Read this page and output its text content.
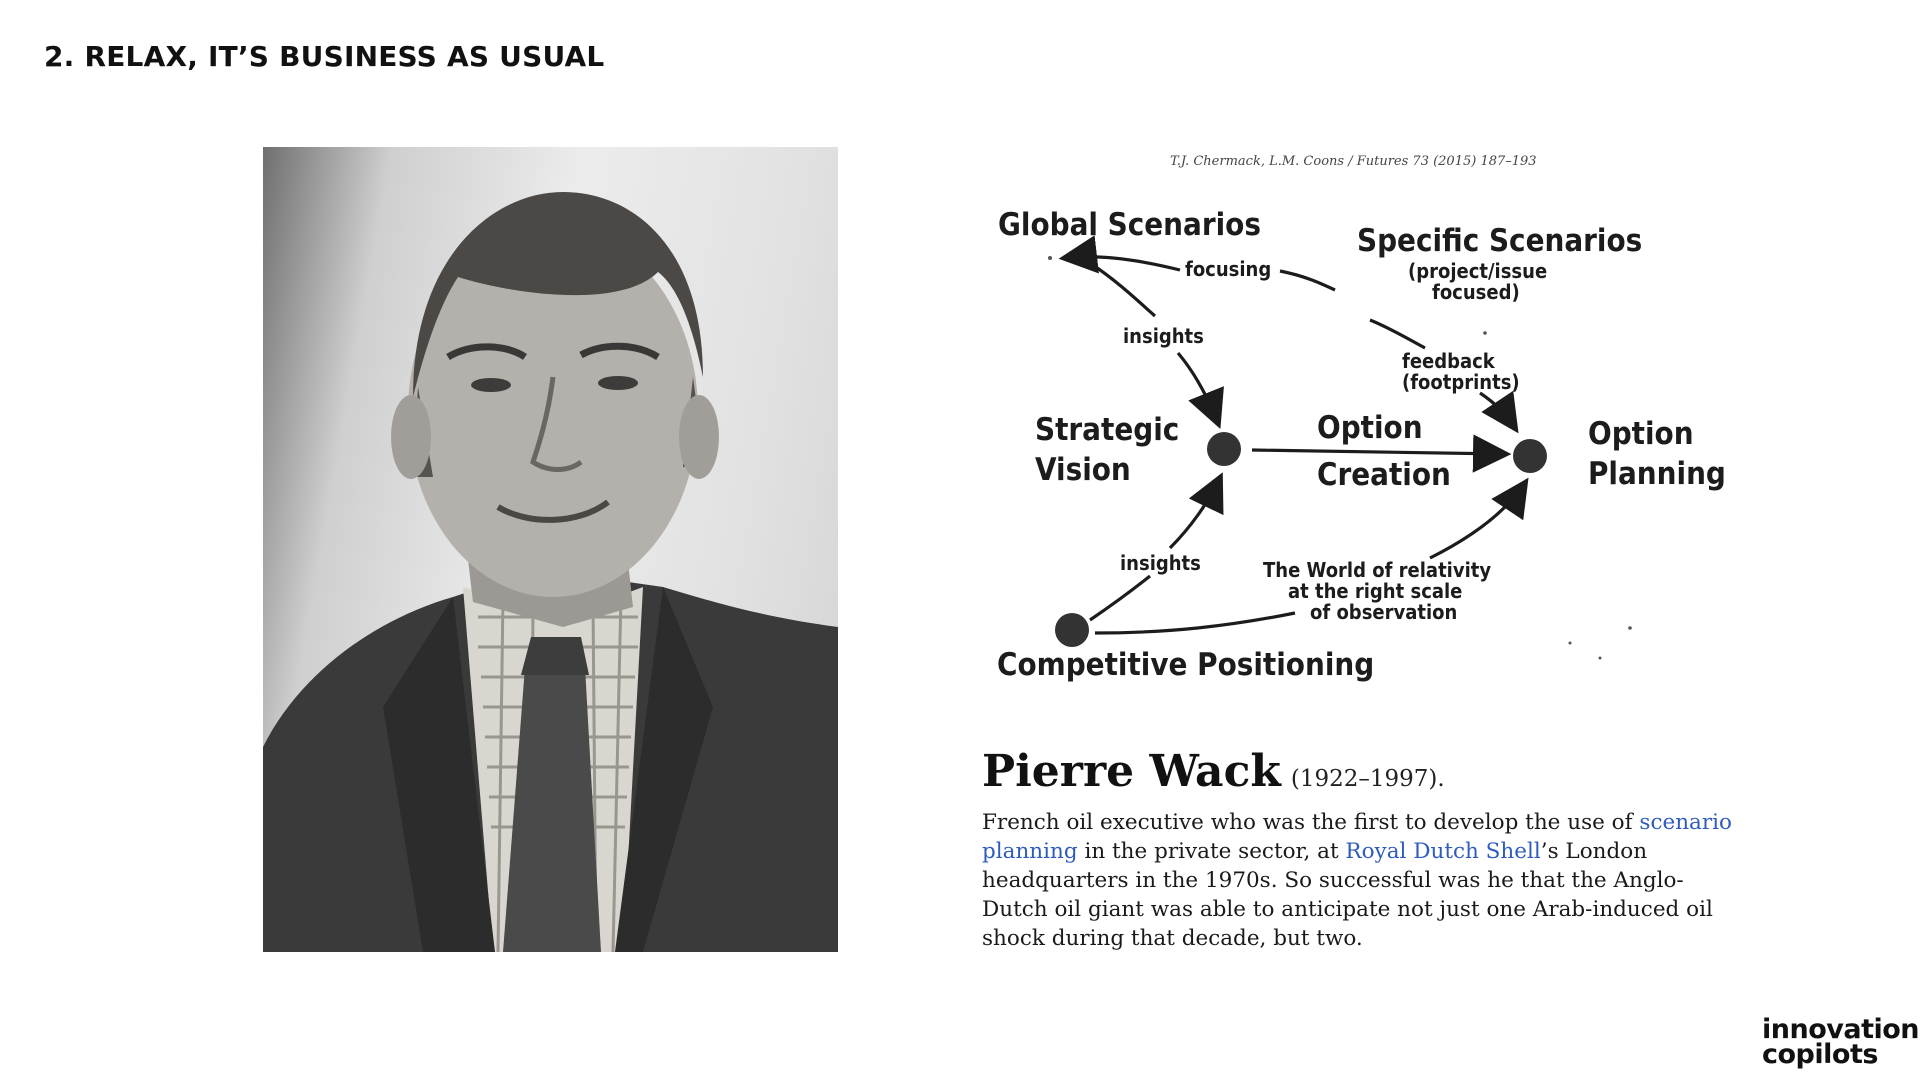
2. RELAX, IT’S BUSINESS AS USUAL
T.J. Chermack, L.M. Coons / Futures 73 (2015) 187–193
Global Scenarios	Specific Scenarios
(project/issue
focused)
focusing
insights
feedback
(footprints)
Strategic
Vision
Option
Creation
Option
Planning
insights	The World of relativity
at the right scale
of observation
Competitive Positioning

Pierre Wack (1922–1997).

French oil executive who was the first to develop the use of scenario planning in the private sector, at Royal Dutch Shell’s London headquarters in the 1970s. So successful was he that the Anglo-Dutch oil giant was able to anticipate not just one Arab-induced oil shock during that decade, but two.

innovation
copilots
